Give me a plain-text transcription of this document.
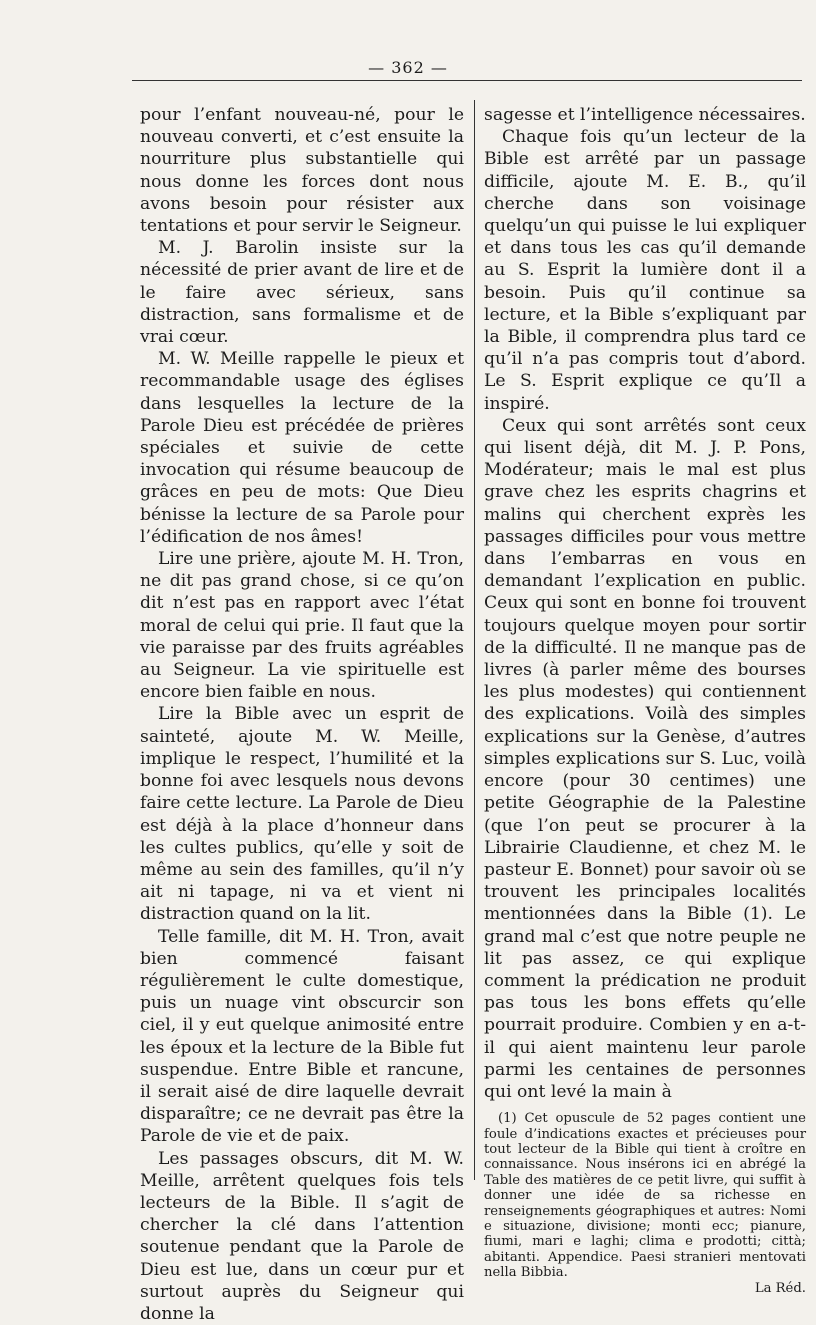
— 362 —

pour l’enfant nouveau-né, pour le nouveau converti, et c’est ensuite la nourriture plus substantielle qui nous donne les forces dont nous avons besoin pour résister aux tentations et pour servir le Seigneur.

M. J. Barolin insiste sur la nécessité de prier avant de lire et de le faire avec sérieux, sans distraction, sans formalisme et de vrai cœur.

M. W. Meille rappelle le pieux et recommandable usage des églises dans lesquelles la lecture de la Parole Dieu est précédée de prières spéciales et suivie de cette invocation qui résume beaucoup de grâces en peu de mots: Que Dieu bénisse la lecture de sa Parole pour l’édification de nos âmes!

Lire une prière, ajoute M. H. Tron, ne dit pas grand chose, si ce qu’on dit n’est pas en rapport avec l’état moral de celui qui prie. Il faut que la vie paraisse par des fruits agréables au Seigneur. La vie spirituelle est encore bien faible en nous.

Lire la Bible avec un esprit de sainteté, ajoute M. W. Meille, implique le respect, l’humilité et la bonne foi avec lesquels nous devons faire cette lecture. La Parole de Dieu est déjà à la place d’honneur dans les cultes publics, qu’elle y soit de même au sein des familles, qu’il n’y ait ni tapage, ni va et vient ni distraction quand on la lit.

Telle famille, dit M. H. Tron, avait bien commencé faisant régulièrement le culte domestique, puis un nuage vint obscurcir son ciel, il y eut quelque animosité entre les époux et la lecture de la Bible fut suspendue. Entre Bible et rancune, il serait aisé de dire laquelle devrait disparaître; ce ne devrait pas être la Parole de vie et de paix.

Les passages obscurs, dit M. W. Meille, arrêtent quelques fois tels lecteurs de la Bible. Il s’agit de chercher la clé dans l’attention soutenue pendant que la Parole de Dieu est lue, dans un cœur pur et surtout auprès du Seigneur qui donne la

sagesse et l’intelligence nécessaires.

Chaque fois qu’un lecteur de la Bible est arrêté par un passage difficile, ajoute M. E. B., qu’il cherche dans son voisinage quelqu’un qui puisse le lui expliquer et dans tous les cas qu’il demande au S. Esprit la lumière dont il a besoin. Puis qu’il continue sa lecture, et la Bible s’expliquant par la Bible, il comprendra plus tard ce qu’il n’a pas compris tout d’abord. Le S. Esprit explique ce qu’Il a inspiré.

Ceux qui sont arrêtés sont ceux qui lisent déjà, dit M. J. P. Pons, Modérateur; mais le mal est plus grave chez les esprits chagrins et malins qui cherchent exprès les passages difficiles pour vous mettre dans l’embarras en vous en demandant l’explication en public. Ceux qui sont en bonne foi trouvent toujours quelque moyen pour sortir de la difficulté. Il ne manque pas de livres (à parler même des bourses les plus modestes) qui contiennent des explications. Voilà des simples explications sur la Genèse, d’autres simples explications sur S. Luc, voilà encore (pour 30 centimes) une petite Géographie de la Palestine (que l’on peut se procurer à la Librairie Claudienne, et chez M. le pasteur E. Bonnet) pour savoir où se trouvent les principales localités mentionnées dans la Bible (1). Le grand mal c’est que notre peuple ne lit pas assez, ce qui explique comment la prédication ne produit pas tous les bons effets qu’elle pourrait produire. Combien y en a-t-il qui aient maintenu leur parole parmi les centaines de personnes qui ont levé la main à

(1) Cet opuscule de 52 pages contient une foule d’indications exactes et précieuses pour tout lecteur de la Bible qui tient à croître en connaissance. Nous insérons ici en abrégé la Table des matières de ce petit livre, qui suffit à donner une idée de sa richesse en renseignements géographiques et autres: Nomi e situazione, divisione; monti ecc; pianure, fiumi, mari e laghi; clima e prodotti; città; abitanti. Appendice. Paesi stranieri mentovati nella Bibbia.

La Réd.
